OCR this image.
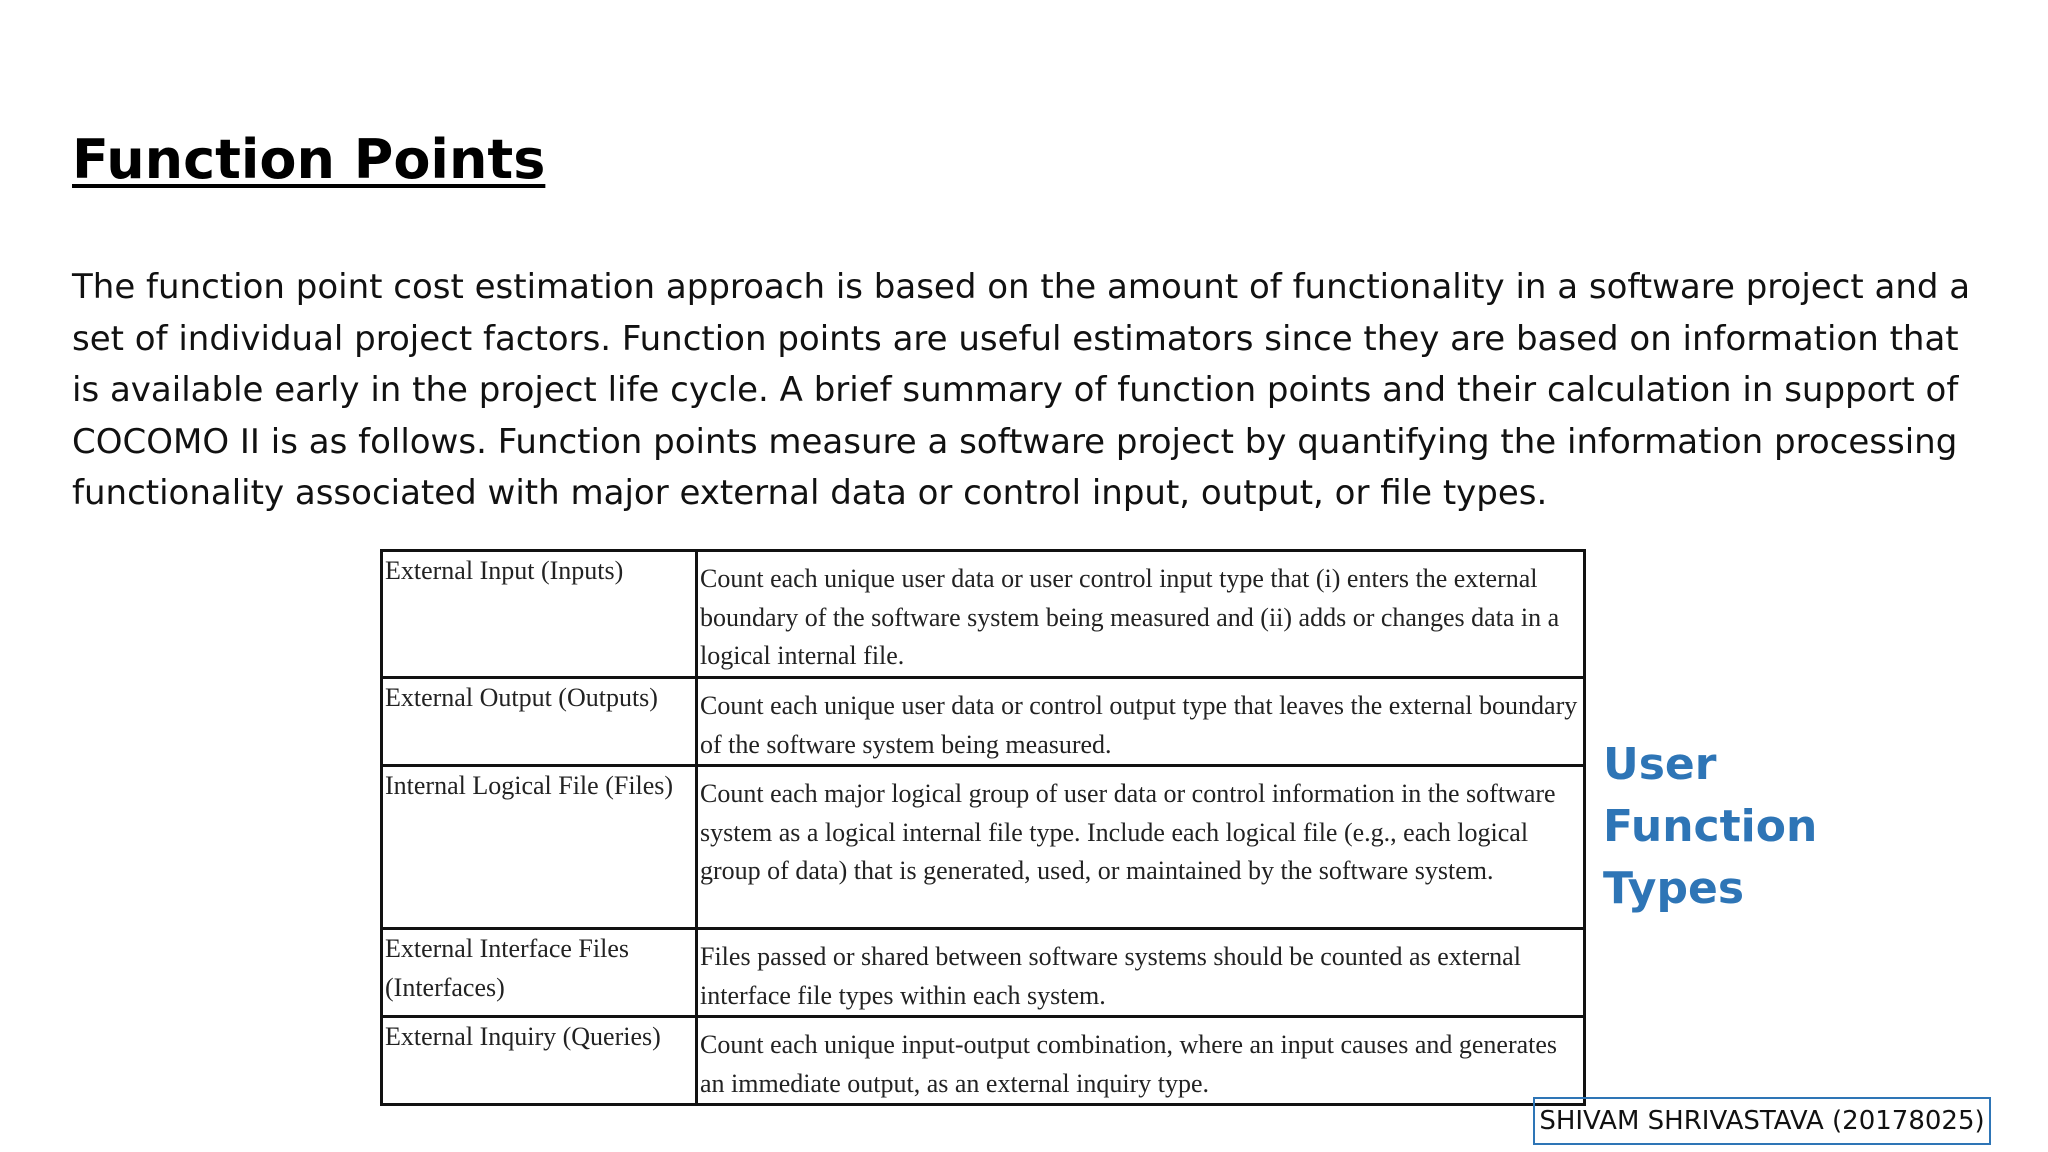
Function Points

The function point cost estimation approach is based on the amount of functionality in a software project and a set of individual project factors. Function points are useful estimators since they are based on information that is available early in the project life cycle. A brief summary of function points and their calculation in support of COCOMO II is as follows. Function points measure a software project by quantifying the information processing functionality associated with major external data or control input, output, or file types.

External Input (Inputs)	Count each unique user data or user control input type that (i) enters the external boundary of the software system being measured and (ii) adds or changes data in a logical internal file.
External Output (Outputs)	Count each unique user data or control output type that leaves the external boundary of the software system being measured.
Internal Logical File (Files)	Count each major logical group of user data or control information in the software system as a logical internal file type. Include each logical file (e.g., each logical group of data) that is generated, used, or maintained by the software system.
External Interface Files (Interfaces)	Files passed or shared between software systems should be counted as external interface file types within each system.
External Inquiry (Queries)	Count each unique input-output combination, where an input causes and generates an immediate output, as an external inquiry type.
User Function Types
SHIVAM SHRIVASTAVA (20178025)
